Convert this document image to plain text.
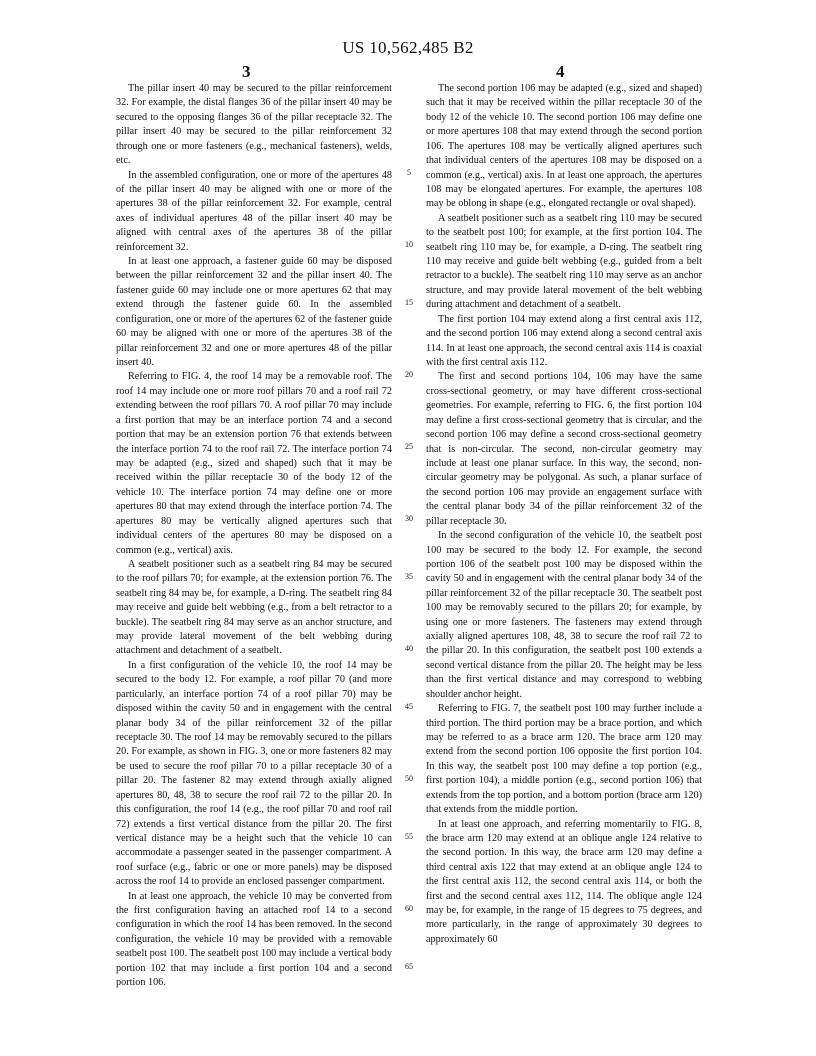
US 10,562,485 B2
3	4

The pillar insert 40 may be secured to the pillar reinforcement 32. For example, the distal flanges 36 of the pillar insert 40 may be secured to the opposing flanges 36 of the pillar receptacle 32. The pillar insert 40 may be secured to the pillar reinforcement 32 through one or more fasteners (e.g., mechanical fasteners), welds, etc.

In the assembled configuration, one or more of the apertures 48 of the pillar insert 40 may be aligned with one or more of the apertures 38 of the pillar reinforcement 32. For example, central axes of individual apertures 48 of the pillar insert 40 may be aligned with central axes of the apertures 38 of the pillar reinforcement 32.

In at least one approach, a fastener guide 60 may be disposed between the pillar reinforcement 32 and the pillar insert 40. The fastener guide 60 may include one or more apertures 62 that may extend through the fastener guide 60. In the assembled configuration, one or more of the apertures 62 of the fastener guide 60 may be aligned with one or more of the apertures 38 of the pillar reinforcement 32 and one or more apertures 48 of the pillar insert 40.

Referring to FIG. 4, the roof 14 may be a removable roof. The roof 14 may include one or more roof pillars 70 and a roof rail 72 extending between the roof pillars 70. A roof pillar 70 may include a first portion that may be an interface portion 74 and a second portion that may be an extension portion 76 that extends between the interface portion 74 to the roof rail 72. The interface portion 74 may be adapted (e.g., sized and shaped) such that it may be received within the pillar receptacle 30 of the body 12 of the vehicle 10. The interface portion 74 may define one or more apertures 80 that may extend through the interface portion 74. The apertures 80 may be vertically aligned apertures such that individual centers of the apertures 80 may be disposed on a common (e.g., vertical) axis.

A seatbelt positioner such as a seatbelt ring 84 may be secured to the roof pillars 70; for example, at the extension portion 76. The seatbelt ring 84 may be, for example, a D-ring. The seatbelt ring 84 may receive and guide belt webbing (e.g., from a belt retractor to a buckle). The seatbelt ring 84 may serve as an anchor structure, and may provide lateral movement of the belt webbing during attachment and detachment of a seatbelt.

In a first configuration of the vehicle 10, the roof 14 may be secured to the body 12. For example, a roof pillar 70 (and more particularly, an interface portion 74 of a roof pillar 70) may be disposed within the cavity 50 and in engagement with the central planar body 34 of the pillar reinforcement 32 of the pillar receptacle 30. The roof 14 may be removably secured to the pillars 20. For example, as shown in FIG. 3, one or more fasteners 82 may be used to secure the roof pillar 70 to a pillar receptacle 30 of a pillar 20. The fastener 82 may extend through axially aligned apertures 80, 48, 38 to secure the roof rail 72 to the pillar 20. In this configuration, the roof 14 (e.g., the roof pillar 70 and roof rail 72) extends a first vertical distance from the pillar 20. The first vertical distance may be a height such that the vehicle 10 can accommodate a passenger seated in the passenger compartment. A roof surface (e.g., fabric or one or more panels) may be disposed across the roof 14 to provide an enclosed passenger compartment.

In at least one approach, the vehicle 10 may be converted from the first configuration having an attached roof 14 to a second configuration in which the roof 14 has been removed. In the second configuration, the vehicle 10 may be provided with a removable seatbelt post 100. The seatbelt post 100 may include a vertical body portion 102 that may include a first portion 104 and a second portion 106.

5
10
15
20
25
30
35
40
45
50
55
60
65

The second portion 106 may be adapted (e.g., sized and shaped) such that it may be received within the pillar receptacle 30 of the body 12 of the vehicle 10. The second portion 106 may define one or more apertures 108 that may extend through the second portion 106. The apertures 108 may be vertically aligned apertures such that individual centers of the apertures 108 may be disposed on a common (e.g., vertical) axis. In at least one approach, the apertures 108 may be elongated apertures. For example, the apertures 108 may be oblong in shape (e.g., elongated rectangle or oval shaped).

A seatbelt positioner such as a seatbelt ring 110 may be secured to the seatbelt post 100; for example, at the first portion 104. The seatbelt ring 110 may be, for example, a D-ring. The seatbelt ring 110 may receive and guide belt webbing (e.g., guided from a belt retractor to a buckle). The seatbelt ring 110 may serve as an anchor structure, and may provide lateral movement of the belt webbing during attachment and detachment of a seatbelt.

The first portion 104 may extend along a first central axis 112, and the second portion 106 may extend along a second central axis 114. In at least one approach, the second central axis 114 is coaxial with the first central axis 112.

The first and second portions 104, 106 may have the same cross-sectional geometry, or may have different cross-sectional geometries. For example, referring to FIG. 6, the first portion 104 may define a first cross-sectional geometry that is circular, and the second portion 106 may define a second cross-sectional geometry that is non-circular. The second, non-circular geometry may include at least one planar surface. In this way, the second, non-circular geometry may be polygonal. As such, a planar surface of the second portion 106 may provide an engagement surface with the central planar body 34 of the pillar reinforcement 32 of the pillar receptacle 30.

In the second configuration of the vehicle 10, the seatbelt post 100 may be secured to the body 12. For example, the second portion 106 of the seatbelt post 100 may be disposed within the cavity 50 and in engagement with the central planar body 34 of the pillar reinforcement 32 of the pillar receptacle 30. The seatbelt post 100 may be removably secured to the pillars 20; for example, by using one or more fasteners. The fasteners may extend through axially aligned apertures 108, 48, 38 to secure the roof rail 72 to the pillar 20. In this configuration, the seatbelt post 100 extends a second vertical distance from the pillar 20. The height may be less than the first vertical distance and may correspond to webbing shoulder anchor height.

Referring to FIG. 7, the seatbelt post 100 may further include a third portion. The third portion may be a brace portion, and which may be referred to as a brace arm 120. The brace arm 120 may extend from the second portion 106 opposite the first portion 104. In this way, the seatbelt post 100 may define a top portion (e.g., first portion 104), a middle portion (e.g., second portion 106) that extends from the top portion, and a bottom portion (brace arm 120) that extends from the middle portion.

In at least one approach, and referring momentarily to FIG. 8, the brace arm 120 may extend at an oblique angle 124 relative to the second portion. In this way, the brace arm 120 may define a third central axis 122 that may extend at an oblique angle 124 to the first central axis 112, the second central axis 114, or both the first and the second central axes 112, 114. The oblique angle 124 may be, for example, in the range of 15 degrees to 75 degrees, and more particularly, in the range of approximately 30 degrees to approximately 60
